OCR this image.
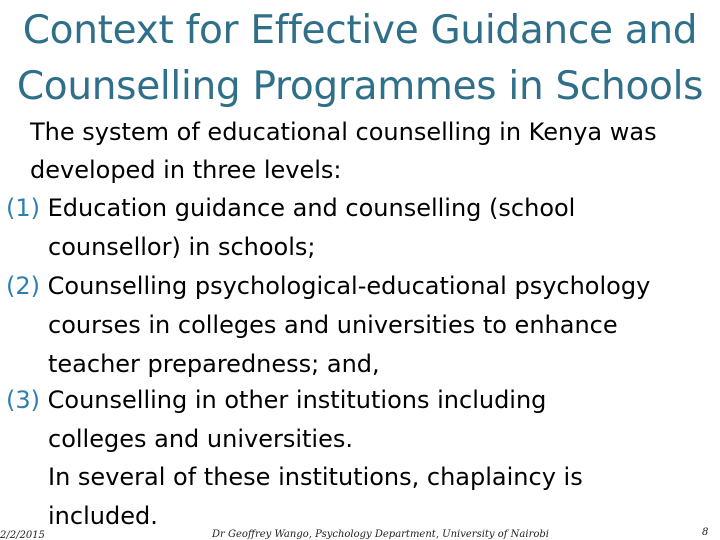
Context for Effective Guidance and
Counselling Programmes in Schools
The system of educational counselling in Kenya was
developed in three levels:
(1) Education guidance and counselling (school
counsellor) in schools;
(2) Counselling psychological-educational psychology
courses in colleges and universities to enhance
teacher preparedness; and,
(3) Counselling in other institutions including
colleges and universities.
In several of these institutions, chaplaincy is
included.
2/2/2015	Dr Geoffrey Wango, Psychology Department, University of Nairobi	8
